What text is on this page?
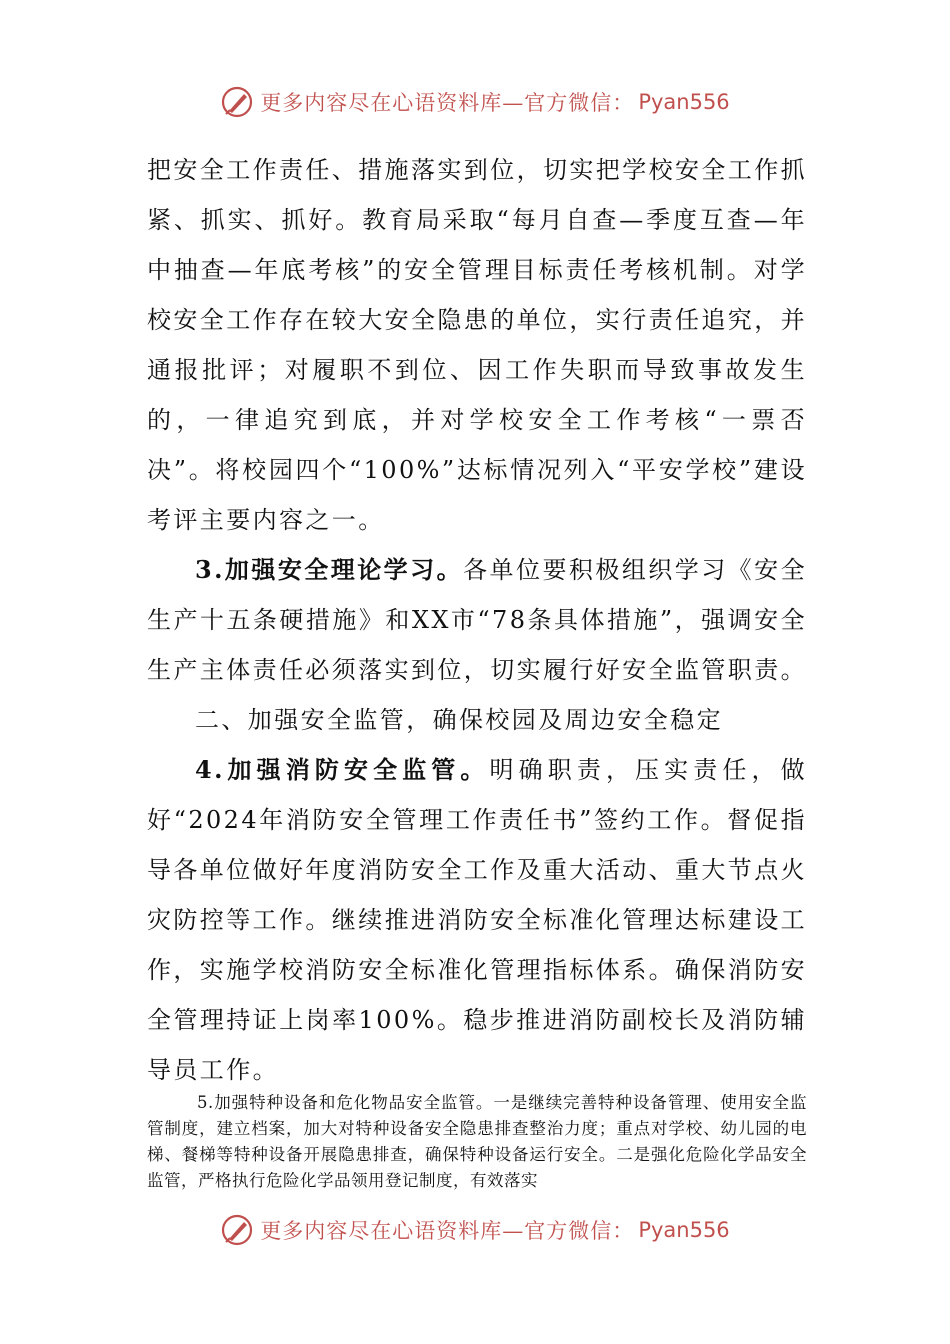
更多内容尽在心语资料库—官方微信： Pyan556

把安全工作责任、措施落实到位，切实把学校安全工作抓紧、抓实、抓好。教育局采取“每月自查—季度互查—年中抽查—年底考核”的安全管理目标责任考核机制。对学校安全工作存在较大安全隐患的单位，实行责任追究，并通报批评；对履职不到位、因工作失职而导致事故发生的，一律追究到底，并对学校安全工作考核“一票否决”。将校园四个“100%”达标情况列入“平安学校”建设考评主要内容之一。

3.加强安全理论学习。各单位要积极组织学习《安全生产十五条硬措施》和XX市“78条具体措施”，强调安全生产主体责任必须落实到位，切实履行好安全监管职责。

二、加强安全监管，确保校园及周边安全稳定

4.加强消防安全监管。明确职责，压实责任，做好“2024年消防安全管理工作责任书”签约工作。督促指导各单位做好年度消防安全工作及重大活动、重大节点火灾防控等工作。继续推进消防安全标准化管理达标建设工作，实施学校消防安全标准化管理指标体系。确保消防安全管理持证上岗率100%。稳步推进消防副校长及消防辅导员工作。

5.加强特种设备和危化物品安全监管。一是继续完善特种设备管理、使用安全监管制度，建立档案，加大对特种设备安全隐患排查整治力度；重点对学校、幼儿园的电梯、餐梯等特种设备开展隐患排查，确保特种设备运行安全。二是强化危险化学品安全监管，严格执行危险化学品领用登记制度，有效落实

更多内容尽在心语资料库—官方微信： Pyan556
